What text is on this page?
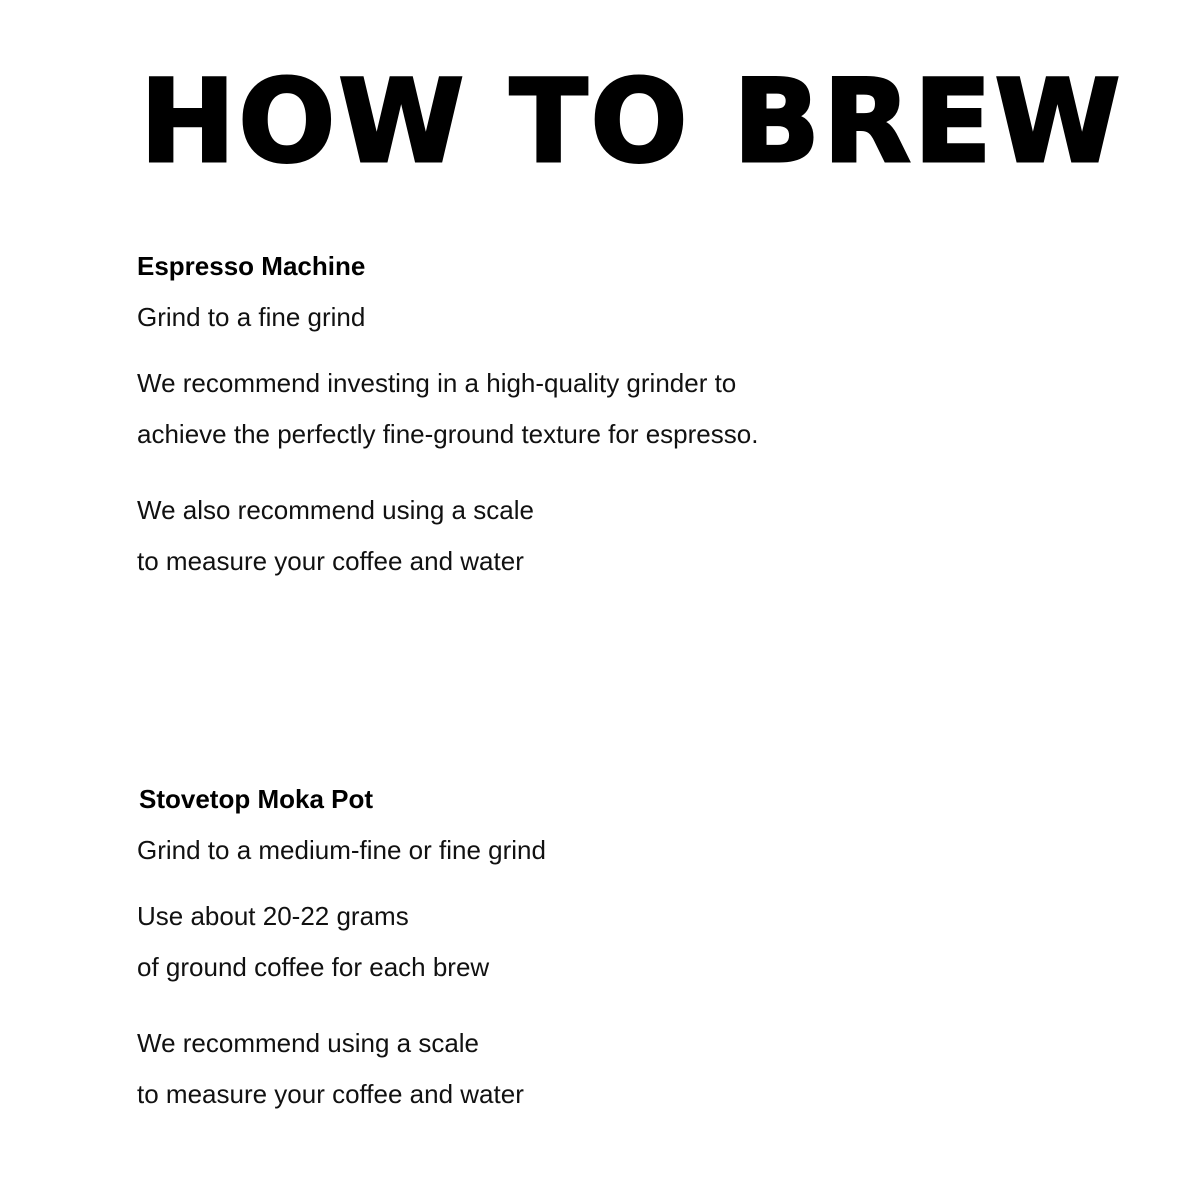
HOW TO BREW
Espresso Machine

Grind to a fine grind

We recommend investing in a high-quality grinder to
achieve the perfectly fine-ground texture for espresso.

We also recommend using a scale
to measure your coffee and water

Stovetop Moka Pot

Grind to a medium-fine or fine grind

Use about 20-22 grams
of ground coffee for each brew

We recommend using a scale
to measure your coffee and water
